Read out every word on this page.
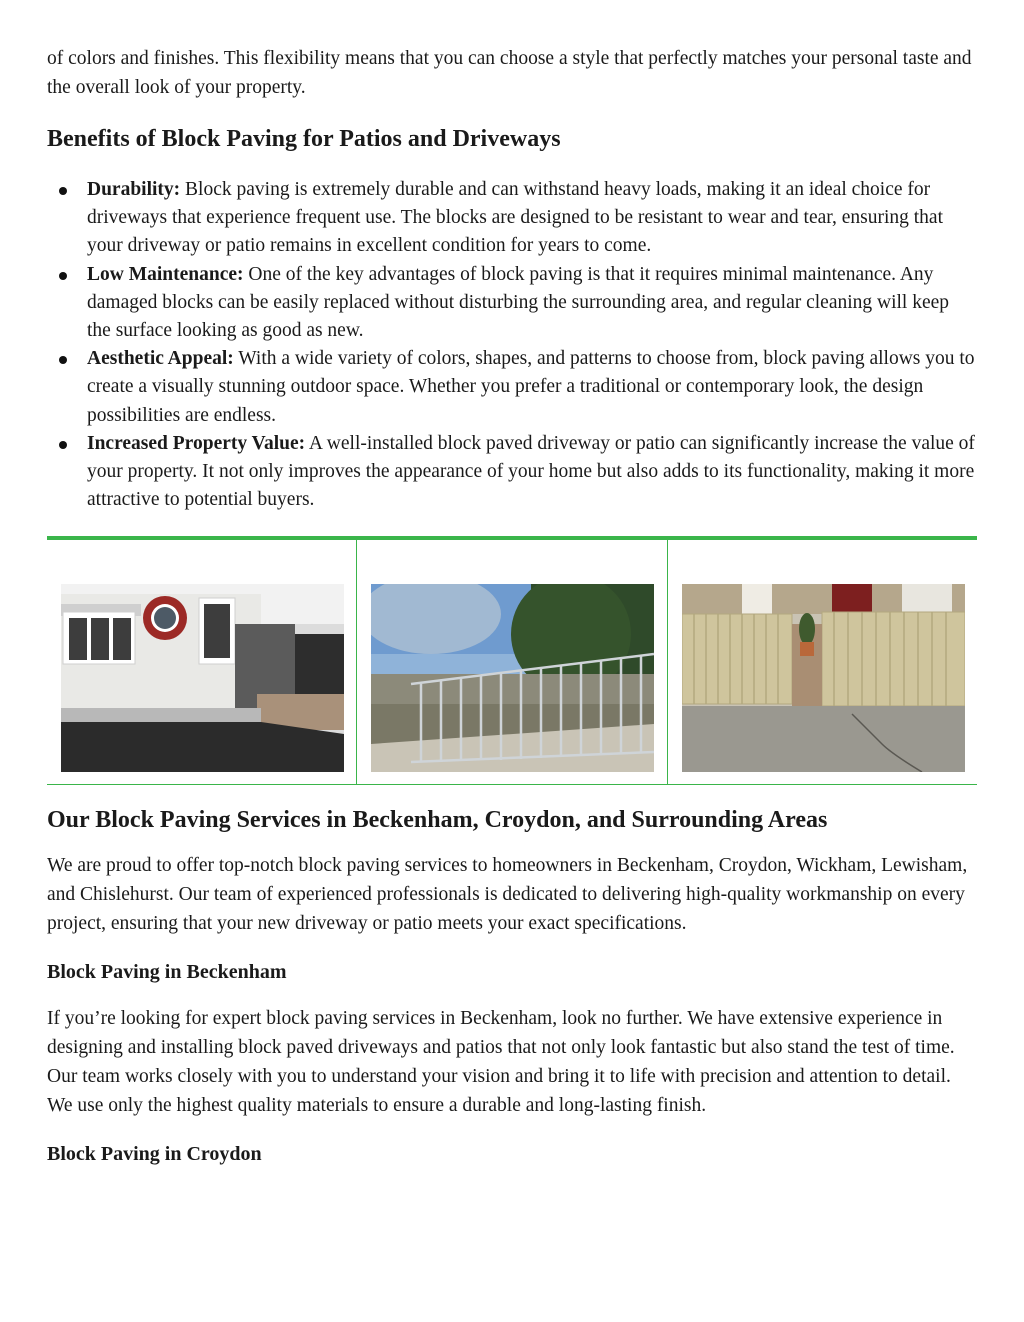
of colors and finishes. This flexibility means that you can choose a style that perfectly matches your personal taste and the overall look of your property.

Benefits of Block Paving for Patios and Driveways
Durability: Block paving is extremely durable and can withstand heavy loads, making it an ideal choice for driveways that experience frequent use. The blocks are designed to be resistant to wear and tear, ensuring that your driveway or patio remains in excellent condition for years to come.
Low Maintenance: One of the key advantages of block paving is that it requires minimal maintenance. Any damaged blocks can be easily replaced without disturbing the surrounding area, and regular cleaning will keep the surface looking as good as new.
Aesthetic Appeal: With a wide variety of colors, shapes, and patterns to choose from, block paving allows you to create a visually stunning outdoor space. Whether you prefer a traditional or contemporary look, the design possibilities are endless.
Increased Property Value: A well-installed block paved driveway or patio can significantly increase the value of your property. It not only improves the appearance of your home but also adds to its functionality, making it more attractive to potential buyers.
Our Block Paving Services in Beckenham, Croydon, and Surrounding Areas

We are proud to offer top-notch block paving services to homeowners in Beckenham, Croydon, Wickham, Lewisham, and Chislehurst. Our team of experienced professionals is dedicated to delivering high-quality workmanship on every project, ensuring that your new driveway or patio meets your exact specifications.

Block Paving in Beckenham

If you’re looking for expert block paving services in Beckenham, look no further. We have extensive experience in designing and installing block paved driveways and patios that not only look fantastic but also stand the test of time. Our team works closely with you to understand your vision and bring it to life with precision and attention to detail. We use only the highest quality materials to ensure a durable and long-lasting finish.

Block Paving in Croydon
